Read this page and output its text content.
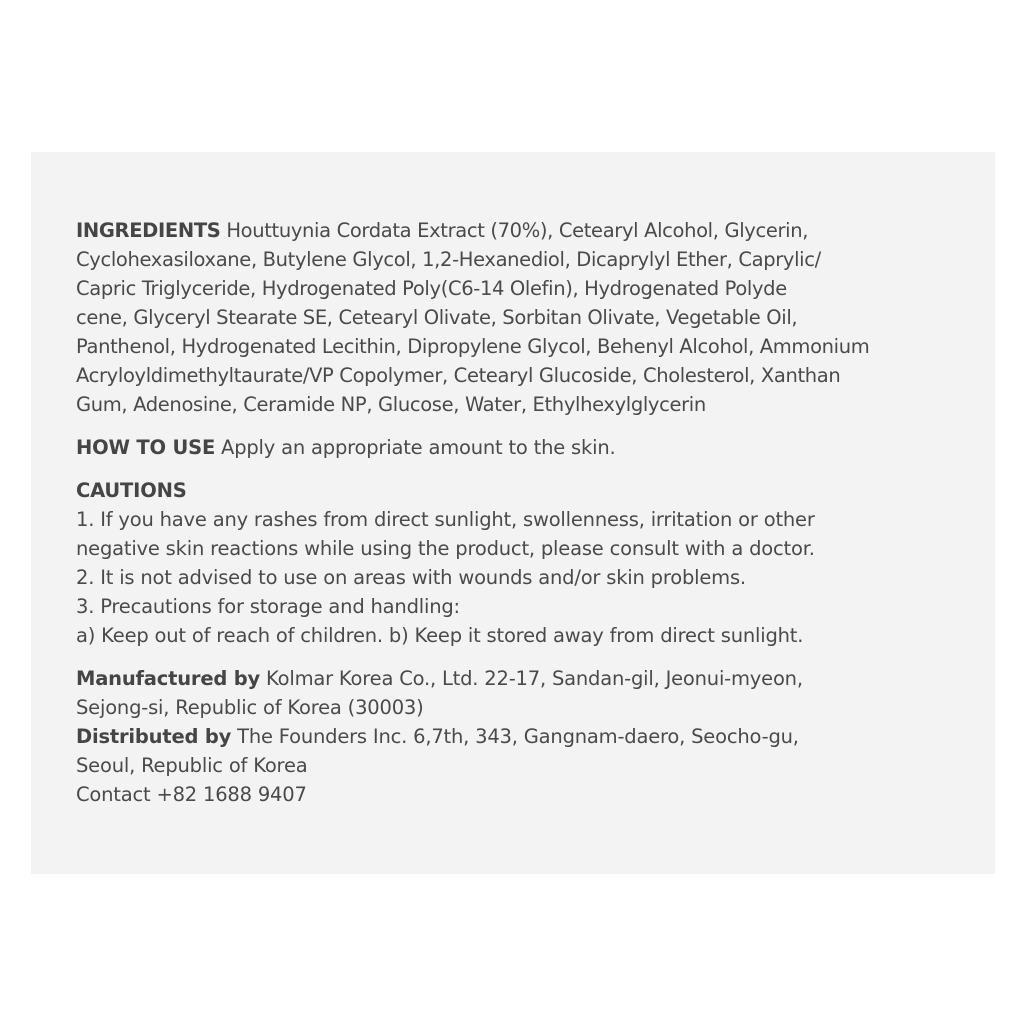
INGREDIENTS Houttuynia Cordata Extract (70%), Cetearyl Alcohol, Glycerin,
Cyclohexasiloxane, Butylene Glycol, 1,2-Hexanediol, Dicaprylyl Ether, Caprylic/
Capric Triglyceride, Hydrogenated Poly(C6-14 Olefin), Hydrogenated Polyde
cene, Glyceryl Stearate SE, Cetearyl Olivate, Sorbitan Olivate, Vegetable Oil,
Panthenol, Hydrogenated Lecithin, Dipropylene Glycol, Behenyl Alcohol, Ammonium
Acryloyldimethyltaurate/VP Copolymer, Cetearyl Glucoside, Cholesterol, Xanthan
Gum, Adenosine, Ceramide NP, Glucose, Water, Ethylhexylglycerin

HOW TO USE Apply an appropriate amount to the skin.

CAUTIONS
1. If you have any rashes from direct sunlight, swollenness, irritation or other
negative skin reactions while using the product, please consult with a doctor.
2. It is not advised to use on areas with wounds and/or skin problems.
3. Precautions for storage and handling:
a) Keep out of reach of children. b) Keep it stored away from direct sunlight.

Manufactured by Kolmar Korea Co., Ltd. 22-17, Sandan-gil, Jeonui-myeon,
Sejong-si, Republic of Korea (30003)
Distributed by The Founders Inc. 6,7th, 343, Gangnam-daero, Seocho-gu,
Seoul, Republic of Korea
Contact +82 1688 9407
